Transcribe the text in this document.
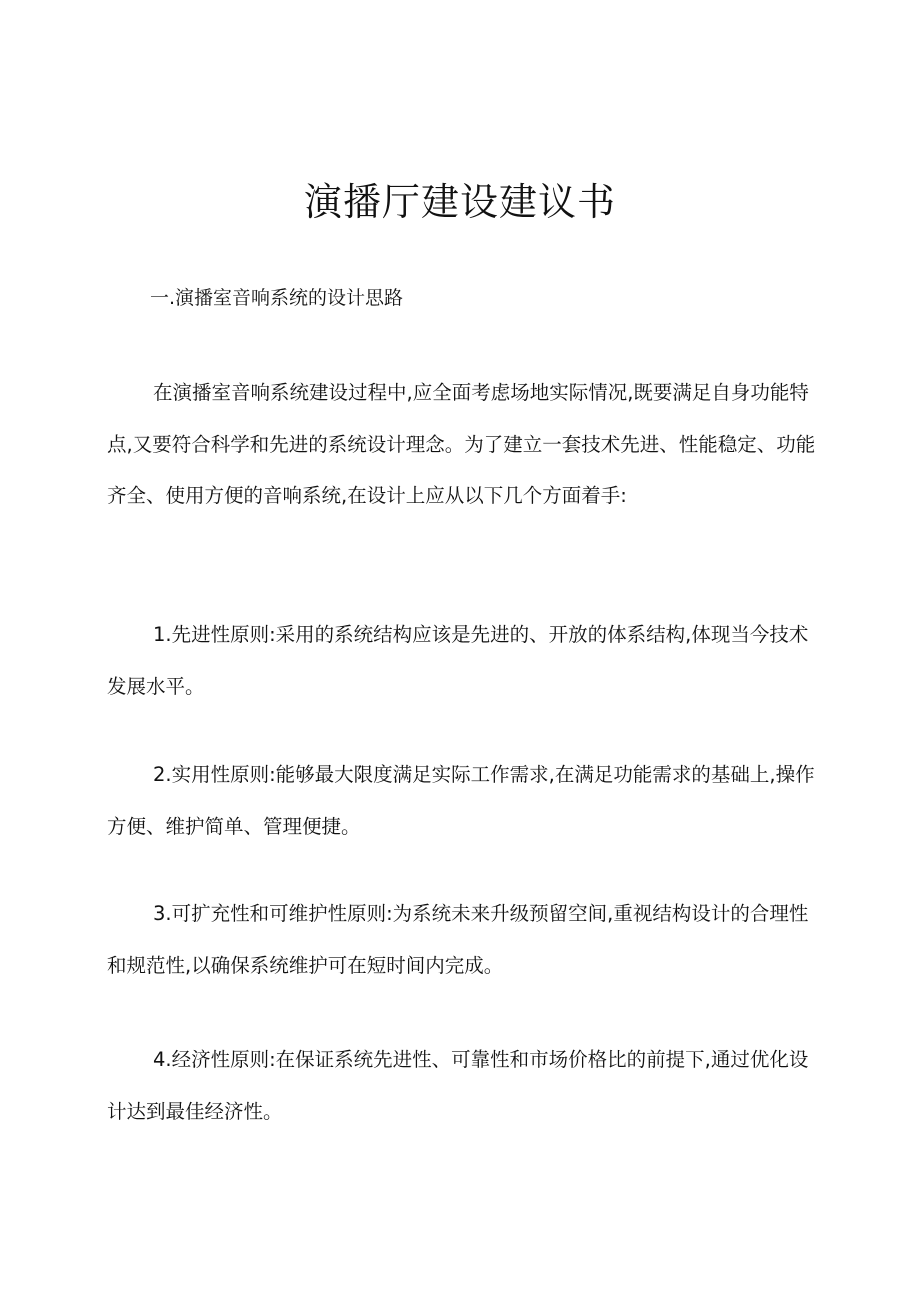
演播厅建设建议书
一.演播室音响系统的设计思路

在演播室音响系统建设过程中,应全面考虑场地实际情况,既要满足自身功能特点,又要符合科学和先进的系统设计理念。为了建立一套技术先进、性能稳定、功能齐全、使用方便的音响系统,在设计上应从以下几个方面着手:

1.先进性原则:采用的系统结构应该是先进的、开放的体系结构,体现当今技术发展水平。

2.实用性原则:能够最大限度满足实际工作需求,在满足功能需求的基础上,操作方便、维护简单、管理便捷。

3.可扩充性和可维护性原则:为系统未来升级预留空间,重视结构设计的合理性和规范性,以确保系统维护可在短时间内完成。

4.经济性原则:在保证系统先进性、可靠性和市场价格比的前提下,通过优化设计达到最佳经济性。
